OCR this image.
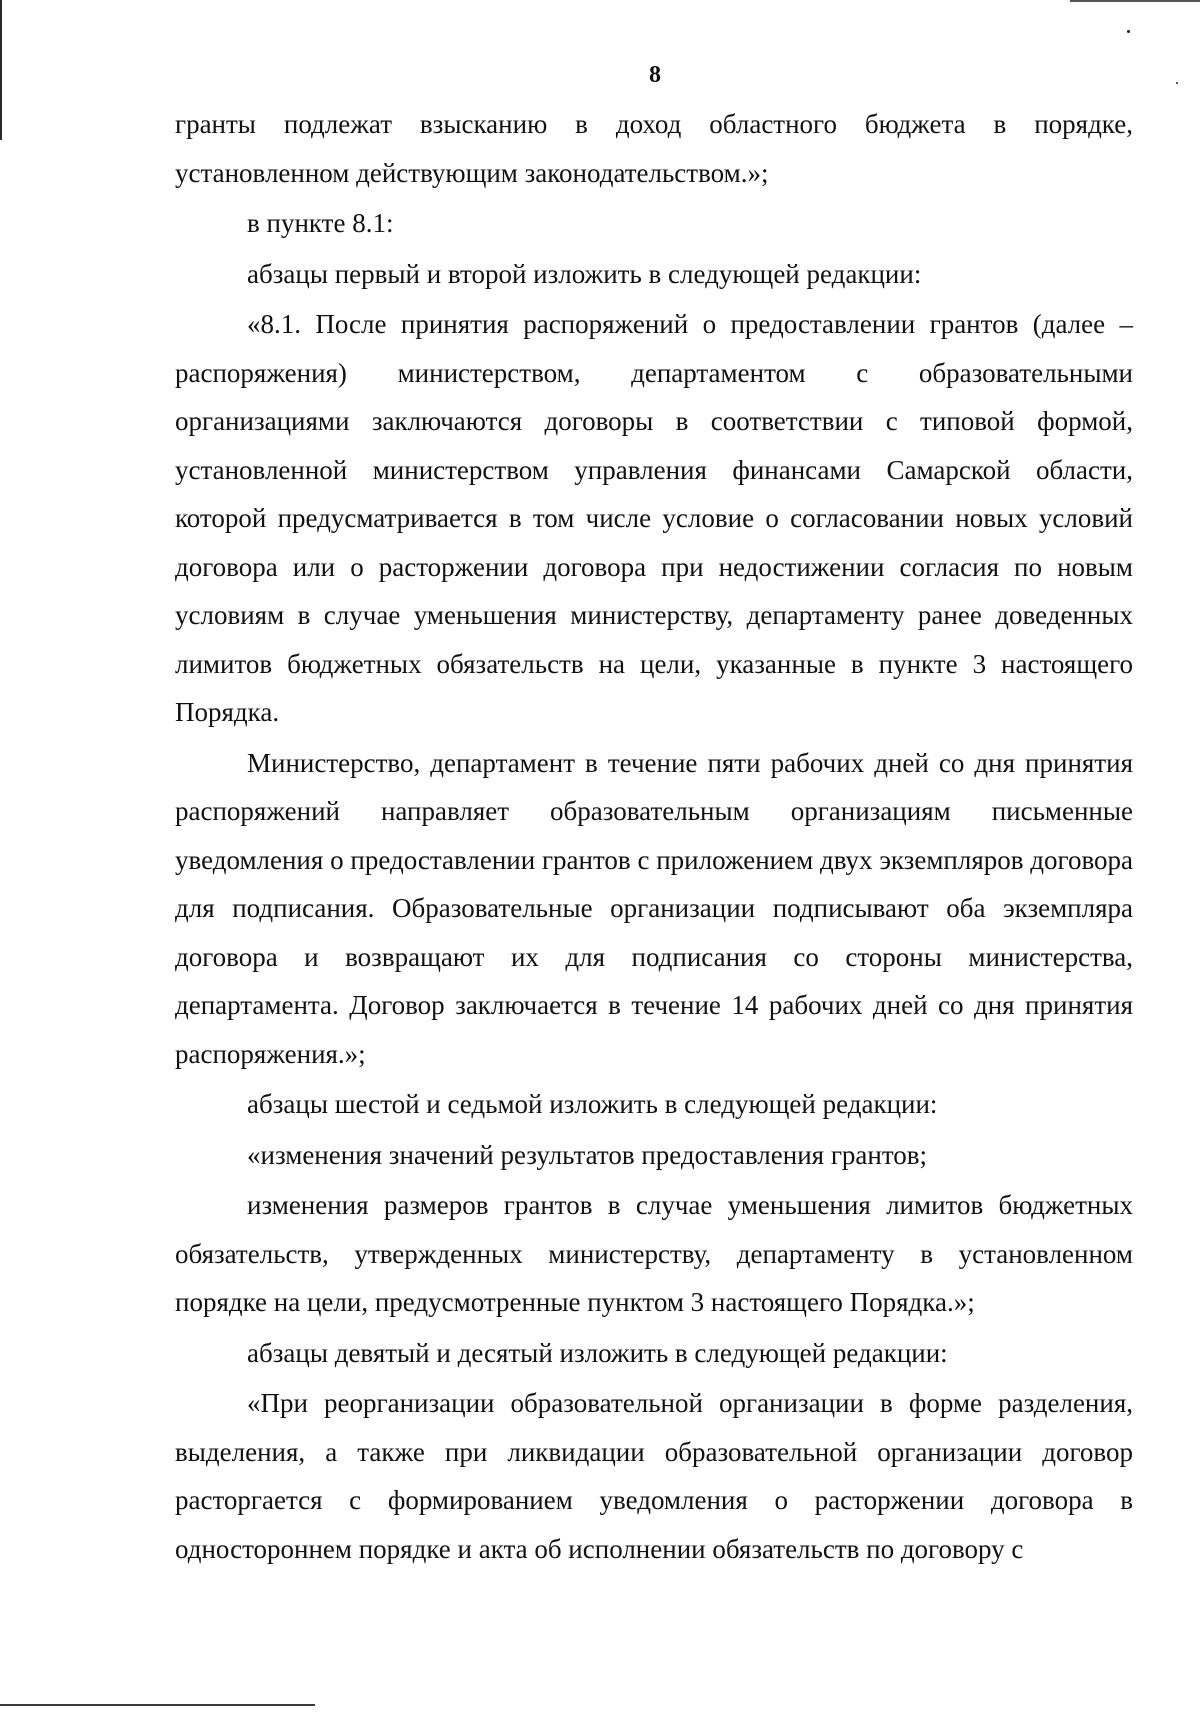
8

гранты подлежат взысканию в доход областного бюджета в порядке, установленном действующим законодательством.»;

в пункте 8.1:

абзацы первый и второй изложить в следующей редакции:

«8.1. После принятия распоряжений о предоставлении грантов (далее – распоряжения) министерством, департаментом с образовательными организациями заключаются договоры в соответствии с типовой формой, установленной министерством управления финансами Самарской области, которой предусматривается в том числе условие о согласовании новых условий договора или о расторжении договора при недостижении согласия по новым условиям в случае уменьшения министерству, департаменту ранее доведенных лимитов бюджетных обязательств на цели, указанные в пункте 3 настоящего Порядка.

Министерство, департамент в течение пяти рабочих дней со дня принятия распоряжений направляет образовательным организациям письменные уведомления о предоставлении грантов с приложением двух экземпляров договора для подписания. Образовательные организации подписывают оба экземпляра договора и возвращают их для подписания со стороны министерства, департамента. Договор заключается в течение 14 рабочих дней со дня принятия распоряжения.»;

абзацы шестой и седьмой изложить в следующей редакции:

«изменения значений результатов предоставления грантов;

изменения размеров грантов в случае уменьшения лимитов бюджетных обязательств, утвержденных министерству, департаменту в установленном порядке на цели, предусмотренные пунктом 3 настоящего Порядка.»;

абзацы девятый и десятый изложить в следующей редакции:

«При реорганизации образовательной организации в форме разделения, выделения, а также при ликвидации образовательной организации договор расторгается с формированием уведомления о расторжении договора в одностороннем порядке и акта об исполнении обязательств по договору с
